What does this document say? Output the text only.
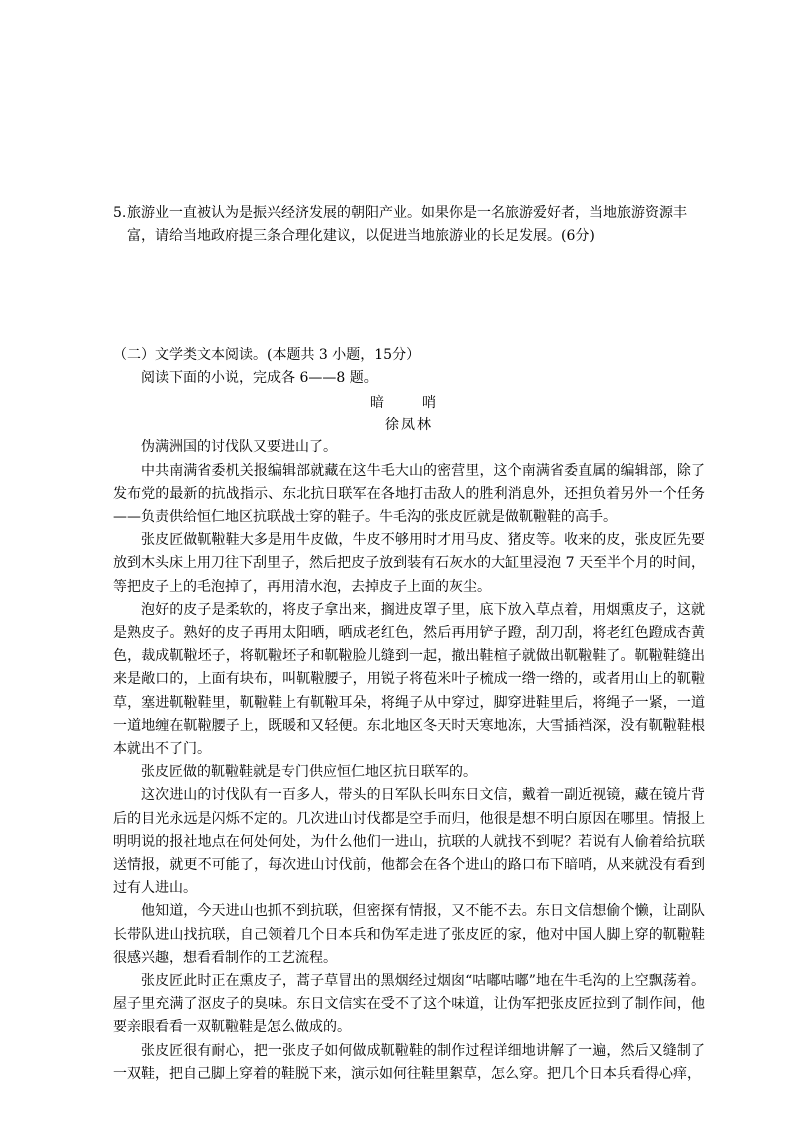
5. 旅游业一直被认为是振兴经济发展的朝阳产业。如果你是一名旅游爱好者，当地旅游资源丰富，请给当地政府提三条合理化建议，以促进当地旅游业的长足发展。(6分)

（二）文学类文本阅读。(本题共 3 小题，15分）

阅读下面的小说，完成各 6——8 题。

暗　哨
徐凤林

伪满洲国的讨伐队又要进山了。

中共南满省委机关报编辑部就藏在这牛毛大山的密营里，这个南满省委直属的编辑部，除了发布党的最新的抗战指示、东北抗日联军在各地打击敌人的胜利消息外，还担负着另外一个任务——负责供给恒仁地区抗联战士穿的鞋子。牛毛沟的张皮匠就是做靰鞡鞋的高手。

张皮匠做靰鞡鞋大多是用牛皮做，牛皮不够用时才用马皮、猪皮等。收来的皮，张皮匠先要放到木头床上用刀往下刮里子，然后把皮子放到装有石灰水的大缸里浸泡 7 天至半个月的时间，等把皮子上的毛泡掉了，再用清水泡，去掉皮子上面的灰尘。

泡好的皮子是柔软的，将皮子拿出来，搁进皮罩子里，底下放入草点着，用烟熏皮子，这就是熟皮子。熟好的皮子再用太阳晒，晒成老红色，然后再用铲子蹬，刮刀刮，将老红色蹬成杏黄色，裁成靰鞡坯子，将靰鞡坯子和靰鞡脸儿缝到一起，撤出鞋楦子就做出靰鞡鞋了。靰鞡鞋缝出来是敞口的，上面有块布，叫靰鞡腰子，用锐子将苞米叶子梳成一绺一绺的，或者用山上的靰鞡草，塞进靰鞡鞋里，靰鞡鞋上有靰鞡耳朵，将绳子从中穿过，脚穿进鞋里后，将绳子一紧，一道一道地缠在靰鞡腰子上，既暖和又轻便。东北地区冬天时天寒地冻，大雪插裆深，没有靰鞡鞋根本就出不了门。

张皮匠做的靰鞡鞋就是专门供应恒仁地区抗日联军的。

这次进山的讨伐队有一百多人，带头的日军队长叫东日文信，戴着一副近视镜，藏在镜片背后的目光永远是闪烁不定的。几次进山讨伐都是空手而归，他很是想不明白原因在哪里。情报上明明说的报社地点在何处何处，为什么他们一进山，抗联的人就找不到呢？若说有人偷着给抗联送情报，就更不可能了，每次进山讨伐前，他都会在各个进山的路口布下暗哨，从来就没有看到过有人进山。

他知道，今天进山也抓不到抗联，但密探有情报，又不能不去。东日文信想偷个懒，让副队长带队进山找抗联，自己领着几个日本兵和伪军走进了张皮匠的家，他对中国人脚上穿的靰鞡鞋很感兴趣，想看看制作的工艺流程。

张皮匠此时正在熏皮子，蒿子草冒出的黑烟经过烟囱“咕嘟咕嘟”地在牛毛沟的上空飘荡着。屋子里充满了沤皮子的臭味。东日文信实在受不了这个味道，让伪军把张皮匠拉到了制作间，他要亲眼看看一双靰鞡鞋是怎么做成的。

张皮匠很有耐心，把一张皮子如何做成靰鞡鞋的制作过程详细地讲解了一遍，然后又缝制了一双鞋，把自己脚上穿着的鞋脱下来，演示如何往鞋里絮草，怎么穿。把几个日本兵看得心痒，
